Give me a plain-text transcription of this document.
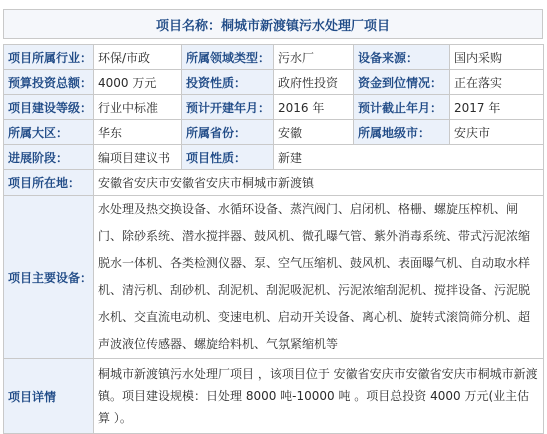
项目名称：桐城市新渡镇污水处理厂项目
项目所属行业：	环保/市政	所属领域类型：	污水厂	设备来源：	国内采购
预算投资总额：	4000 万元	投资性质：	政府性投资	资金到位情况：	正在落实
项目建设等级：	行业中标准	预计开建年月：	2016 年	预计截止年月：	2017 年
所属大区：	华东	所属省份：	安徽	所属地级市：	安庆市
进展阶段：	编项目建议书	项目性质：	新建		
项目所在地：	安徽省安庆市安徽省安庆市桐城市新渡镇				
项目主要设备：	水处理及热交换设备、水循环设备、蒸汽阀门、启闭机、格栅、螺旋压榨机、闸门、除砂系统、潜水搅拌器、鼓风机、微孔曝气管、紫外消毒系统、带式污泥浓缩脱水一体机、各类检测仪器、泵、空气压缩机、鼓风机、表面曝气机、自动取水样机、清污机、刮砂机、刮泥机、刮泥吸泥机、污泥浓缩刮泥机、搅拌设备、污泥脱水机、交直流电动机、变速电机、启动开关设备、离心机、旋转式滚筒筛分机、超声波液位传感器、螺旋给料机、气氛紧缩机等				
项目详情	桐城市新渡镇污水处理厂项目 ，该项目位于 安徽省安庆市安徽省安庆市桐城市新渡镇。项目建设规模：日处理 8000 吨-10000 吨 。项目总投资 4000 万元(业主估算 ）。				
